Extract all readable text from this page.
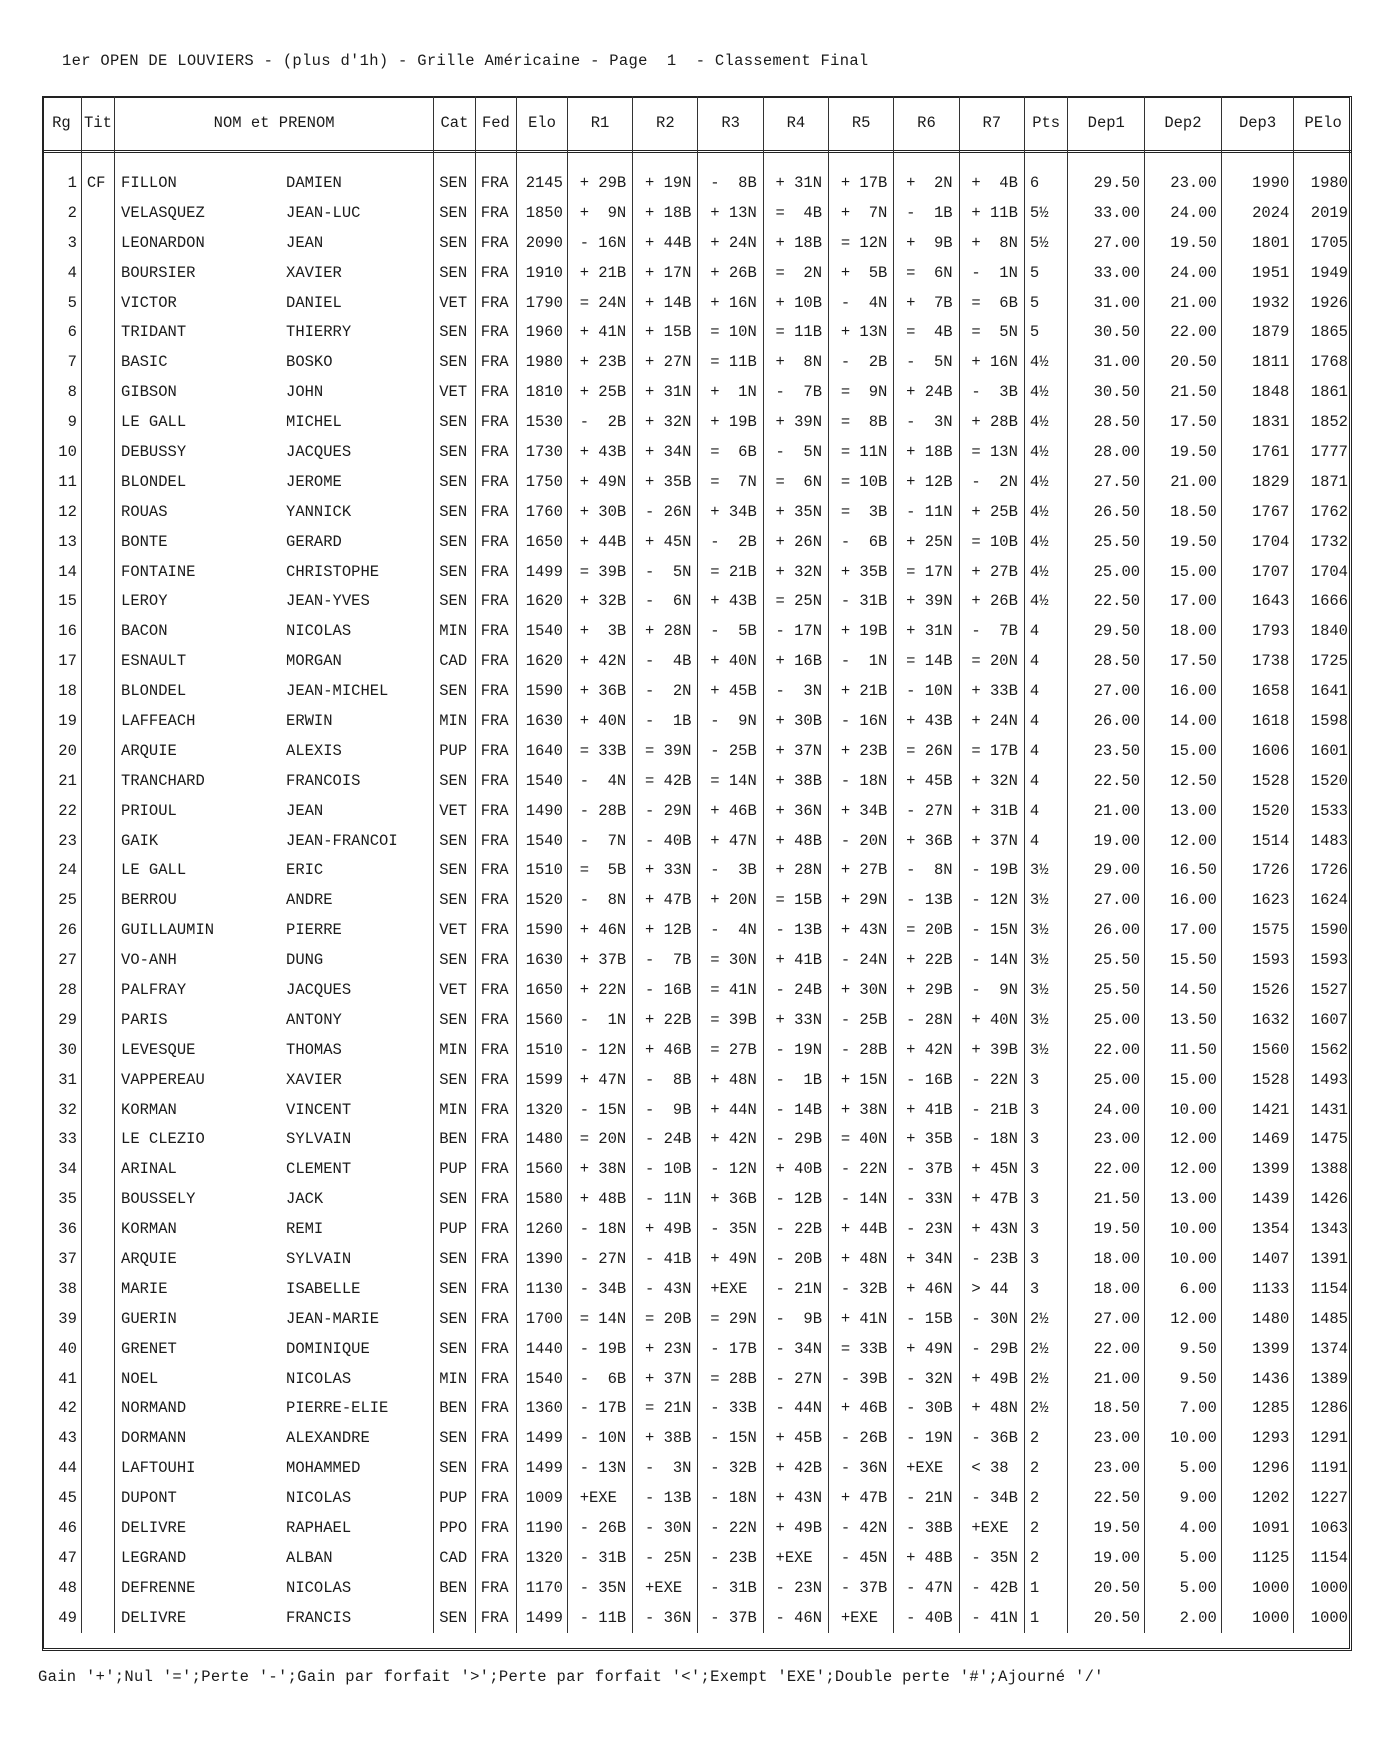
1er OPEN DE LOUVIERS - (plus d'1h) - Grille Américaine - Page  1  - Classement Final
Rg	Tit	NOM et PRENOM	Cat	Fed	Elo	R1	R2	R3	R4	R5	R6	R7	Pts	Dep1	Dep2	Dep3	PElo
1	CF	FILLON DAMIEN	SEN	FRA	2145	+ 29B	+ 19N	-  8B	+ 31N	+ 17B	+  2N	+  4B	6	29.50	23.00	1990	1980
2		VELASQUEZ JEAN-LUC	SEN	FRA	1850	+  9N	+ 18B	+ 13N	=  4B	+  7N	-  1B	+ 11B	5½	33.00	24.00	2024	2019
3		LEONARDON JEAN	SEN	FRA	2090	- 16N	+ 44B	+ 24N	+ 18B	= 12N	+  9B	+  8N	5½	27.00	19.50	1801	1705
4		BOURSIER XAVIER	SEN	FRA	1910	+ 21B	+ 17N	+ 26B	=  2N	+  5B	=  6N	-  1N	5	33.00	24.00	1951	1949
5		VICTOR DANIEL	VET	FRA	1790	= 24N	+ 14B	+ 16N	+ 10B	-  4N	+  7B	=  6B	5	31.00	21.00	1932	1926
6		TRIDANT THIERRY	SEN	FRA	1960	+ 41N	+ 15B	= 10N	= 11B	+ 13N	=  4B	=  5N	5	30.50	22.00	1879	1865
7		BASIC BOSKO	SEN	FRA	1980	+ 23B	+ 27N	= 11B	+  8N	-  2B	-  5N	+ 16N	4½	31.00	20.50	1811	1768
8		GIBSON JOHN	VET	FRA	1810	+ 25B	+ 31N	+  1N	-  7B	=  9N	+ 24B	-  3B	4½	30.50	21.50	1848	1861
9		LE GALL MICHEL	SEN	FRA	1530	-  2B	+ 32N	+ 19B	+ 39N	=  8B	-  3N	+ 28B	4½	28.50	17.50	1831	1852
10		DEBUSSY JACQUES	SEN	FRA	1730	+ 43B	+ 34N	=  6B	-  5N	= 11N	+ 18B	= 13N	4½	28.00	19.50	1761	1777
11		BLONDEL JEROME	SEN	FRA	1750	+ 49N	+ 35B	=  7N	=  6N	= 10B	+ 12B	-  2N	4½	27.50	21.00	1829	1871
12		ROUAS YANNICK	SEN	FRA	1760	+ 30B	- 26N	+ 34B	+ 35N	=  3B	- 11N	+ 25B	4½	26.50	18.50	1767	1762
13		BONTE GERARD	SEN	FRA	1650	+ 44B	+ 45N	-  2B	+ 26N	-  6B	+ 25N	= 10B	4½	25.50	19.50	1704	1732
14		FONTAINE CHRISTOPHE	SEN	FRA	1499	= 39B	-  5N	= 21B	+ 32N	+ 35B	= 17N	+ 27B	4½	25.00	15.00	1707	1704
15		LEROY JEAN-YVES	SEN	FRA	1620	+ 32B	-  6N	+ 43B	= 25N	- 31B	+ 39N	+ 26B	4½	22.50	17.00	1643	1666
16		BACON NICOLAS	MIN	FRA	1540	+  3B	+ 28N	-  5B	- 17N	+ 19B	+ 31N	-  7B	4	29.50	18.00	1793	1840
17		ESNAULT MORGAN	CAD	FRA	1620	+ 42N	-  4B	+ 40N	+ 16B	-  1N	= 14B	= 20N	4	28.50	17.50	1738	1725
18		BLONDEL JEAN-MICHEL	SEN	FRA	1590	+ 36B	-  2N	+ 45B	-  3N	+ 21B	- 10N	+ 33B	4	27.00	16.00	1658	1641
19		LAFFEACH ERWIN	MIN	FRA	1630	+ 40N	-  1B	-  9N	+ 30B	- 16N	+ 43B	+ 24N	4	26.00	14.00	1618	1598
20		ARQUIE ALEXIS	PUP	FRA	1640	= 33B	= 39N	- 25B	+ 37N	+ 23B	= 26N	= 17B	4	23.50	15.00	1606	1601
21		TRANCHARD FRANCOIS	SEN	FRA	1540	-  4N	= 42B	= 14N	+ 38B	- 18N	+ 45B	+ 32N	4	22.50	12.50	1528	1520
22		PRIOUL JEAN	VET	FRA	1490	- 28B	- 29N	+ 46B	+ 36N	+ 34B	- 27N	+ 31B	4	21.00	13.00	1520	1533
23		GAIK JEAN-FRANCOI	SEN	FRA	1540	-  7N	- 40B	+ 47N	+ 48B	- 20N	+ 36B	+ 37N	4	19.00	12.00	1514	1483
24		LE GALL ERIC	SEN	FRA	1510	=  5B	+ 33N	-  3B	+ 28N	+ 27B	-  8N	- 19B	3½	29.00	16.50	1726	1726
25		BERROU ANDRE	SEN	FRA	1520	-  8N	+ 47B	+ 20N	= 15B	+ 29N	- 13B	- 12N	3½	27.00	16.00	1623	1624
26		GUILLAUMIN PIERRE	VET	FRA	1590	+ 46N	+ 12B	-  4N	- 13B	+ 43N	= 20B	- 15N	3½	26.00	17.00	1575	1590
27		VO-ANH DUNG	SEN	FRA	1630	+ 37B	-  7B	= 30N	+ 41B	- 24N	+ 22B	- 14N	3½	25.50	15.50	1593	1593
28		PALFRAY JACQUES	VET	FRA	1650	+ 22N	- 16B	= 41N	- 24B	+ 30N	+ 29B	-  9N	3½	25.50	14.50	1526	1527
29		PARIS ANTONY	SEN	FRA	1560	-  1N	+ 22B	= 39B	+ 33N	- 25B	- 28N	+ 40N	3½	25.00	13.50	1632	1607
30		LEVESQUE THOMAS	MIN	FRA	1510	- 12N	+ 46B	= 27B	- 19N	- 28B	+ 42N	+ 39B	3½	22.00	11.50	1560	1562
31		VAPPEREAU XAVIER	SEN	FRA	1599	+ 47N	-  8B	+ 48N	-  1B	+ 15N	- 16B	- 22N	3	25.00	15.00	1528	1493
32		KORMAN VINCENT	MIN	FRA	1320	- 15N	-  9B	+ 44N	- 14B	+ 38N	+ 41B	- 21B	3	24.00	10.00	1421	1431
33		LE CLEZIO SYLVAIN	BEN	FRA	1480	= 20N	- 24B	+ 42N	- 29B	= 40N	+ 35B	- 18N	3	23.00	12.00	1469	1475
34		ARINAL CLEMENT	PUP	FRA	1560	+ 38N	- 10B	- 12N	+ 40B	- 22N	- 37B	+ 45N	3	22.00	12.00	1399	1388
35		BOUSSELY JACK	SEN	FRA	1580	+ 48B	- 11N	+ 36B	- 12B	- 14N	- 33N	+ 47B	3	21.50	13.00	1439	1426
36		KORMAN REMI	PUP	FRA	1260	- 18N	+ 49B	- 35N	- 22B	+ 44B	- 23N	+ 43N	3	19.50	10.00	1354	1343
37		ARQUIE SYLVAIN	SEN	FRA	1390	- 27N	- 41B	+ 49N	- 20B	+ 48N	+ 34N	- 23B	3	18.00	10.00	1407	1391
38		MARIE ISABELLE	SEN	FRA	1130	- 34B	- 43N	+EXE	- 21N	- 32B	+ 46N	> 44	3	18.00	6.00	1133	1154
39		GUERIN JEAN-MARIE	SEN	FRA	1700	= 14N	= 20B	= 29N	-  9B	+ 41N	- 15B	- 30N	2½	27.00	12.00	1480	1485
40		GRENET DOMINIQUE	SEN	FRA	1440	- 19B	+ 23N	- 17B	- 34N	= 33B	+ 49N	- 29B	2½	22.00	9.50	1399	1374
41		NOEL NICOLAS	MIN	FRA	1540	-  6B	+ 37N	= 28B	- 27N	- 39B	- 32N	+ 49B	2½	21.00	9.50	1436	1389
42		NORMAND PIERRE-ELIE	BEN	FRA	1360	- 17B	= 21N	- 33B	- 44N	+ 46B	- 30B	+ 48N	2½	18.50	7.00	1285	1286
43		DORMANN ALEXANDRE	SEN	FRA	1499	- 10N	+ 38B	- 15N	+ 45B	- 26B	- 19N	- 36B	2	23.00	10.00	1293	1291
44		LAFTOUHI MOHAMMED	SEN	FRA	1499	- 13N	-  3N	- 32B	+ 42B	- 36N	+EXE	< 38	2	23.00	5.00	1296	1191
45		DUPONT NICOLAS	PUP	FRA	1009	+EXE	- 13B	- 18N	+ 43N	+ 47B	- 21N	- 34B	2	22.50	9.00	1202	1227
46		DELIVRE RAPHAEL	PPO	FRA	1190	- 26B	- 30N	- 22N	+ 49B	- 42N	- 38B	+EXE	2	19.50	4.00	1091	1063
47		LEGRAND ALBAN	CAD	FRA	1320	- 31B	- 25N	- 23B	+EXE	- 45N	+ 48B	- 35N	2	19.00	5.00	1125	1154
48		DEFRENNE NICOLAS	BEN	FRA	1170	- 35N	+EXE	- 31B	- 23N	- 37B	- 47N	- 42B	1	20.50	5.00	1000	1000
49		DELIVRE FRANCIS	SEN	FRA	1499	- 11B	- 36N	- 37B	- 46N	+EXE	- 40B	- 41N	1	20.50	2.00	1000	1000
Gain '+';Nul '=';Perte '-';Gain par forfait '>';Perte par forfait '<';Exempt 'EXE';Double perte '#';Ajourné '/'
